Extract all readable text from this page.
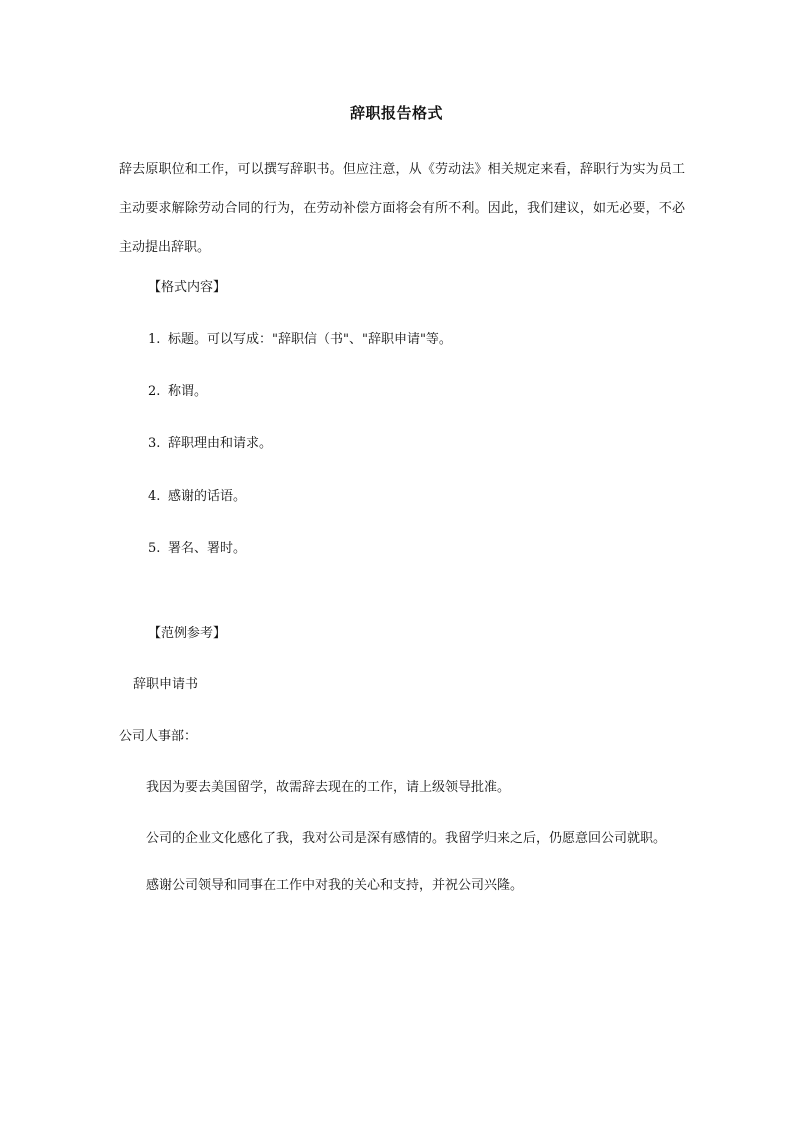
辞职报告格式

辞去原职位和工作，可以撰写辞职书。但应注意，从《劳动法》相关规定来看，辞职行为实为员工主动要求解除劳动合同的行为，在劳动补偿方面将会有所不利。因此，我们建议，如无必要，不必主动提出辞职。

【格式内容】

1. 标题。可以写成："辞职信（书"、"辞职申请"等。

2. 称谓。

3. 辞职理由和请求。

4. 感谢的话语。

5. 署名、署时。

【范例参考】

辞职申请书

公司人事部：

我因为要去美国留学，故需辞去现在的工作，请上级领导批准。

公司的企业文化感化了我，我对公司是深有感情的。我留学归来之后，仍愿意回公司就职。

感谢公司领导和同事在工作中对我的关心和支持，并祝公司兴隆。
